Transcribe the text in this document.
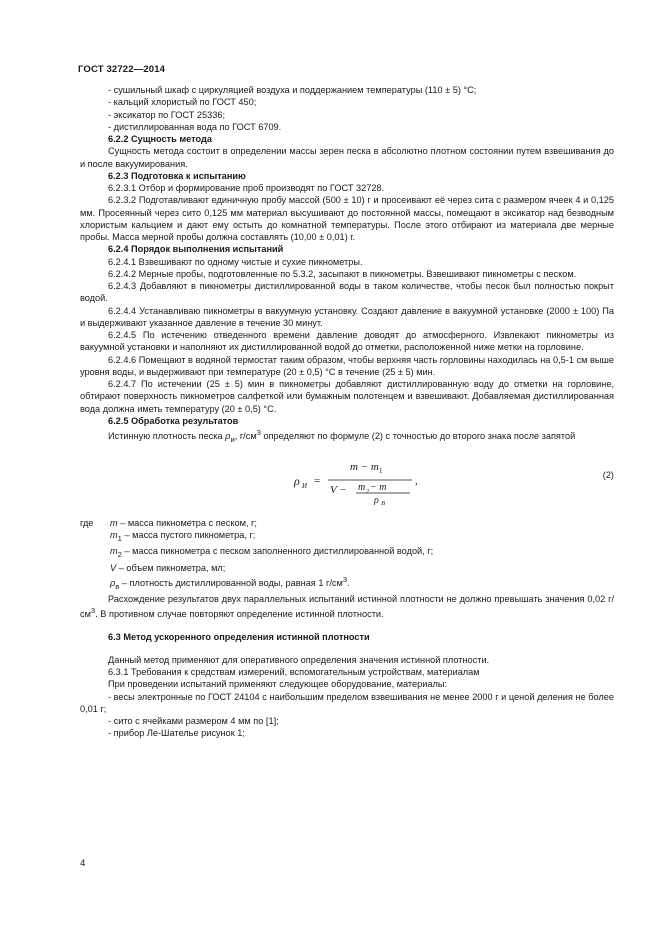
ГОСТ 32722—2014

- сушильный шкаф с циркуляцией воздуха и поддержанием температуры (110 ± 5) °С;

- кальций хлористый по ГОСТ 450;

- эксикатор по ГОСТ 25336;

- дистиллированная вода по ГОСТ 6709.

6.2.2 Сущность метода

Сущность метода состоит в определении массы зерен песка в абсолютно плотном состоянии путем взвешивания до и после вакуумирования.

6.2.3 Подготовка к испытанию

6.2.3.1 Отбор и формирование проб производят по ГОСТ 32728.

6.2.3.2 Подготавливают единичную пробу массой (500 ± 10) г и просеивают её через сита с размером ячеек 4 и 0,125 мм. Просеянный через сито 0,125 мм материал высушивают до постоянной массы, помещают в эксикатор над безводным хлористым кальцием и дают ему остыть до комнатной температуры. После этого отбирают из материала две мерные пробы. Масса мерной пробы должна составлять (10,00 ± 0,01) г.

6.2.4 Порядок выполнения испытаний

6.2.4.1 Взвешивают по одному чистые и сухие пикнометры.

6.2.4.2 Мерные пробы, подготовленные по 5.3.2, засыпают в пикнометры. Взвешивают пикнометры с песком.

6.2.4.3 Добавляют в пикнометры дистиллированной воды в таком количестве, чтобы песок был полностью покрыт водой.

6.2.4.4 Устанавливаю пикнометры в вакуумную установку. Создают давление в вакуумной установке (2000 ± 100) Па и выдерживают указанное давление в течение 30 минут.

6.2.4.5 По истечению отведенного времени давление доводят до атмосферного. Извлекают пикнометры из вакуумной установки и наполняют их дистиллированной водой до отметки, расположенной ниже метки на горловине.

6.2.4.6 Помещают в водяной термостат таким образом, чтобы верхняя часть горловины находилась на 0,5-1 см выше уровня воды, и выдерживают при температуре (20 ± 0,5) °С в течение (25 ± 5) мин.

6.2.4.7 По истечении (25 ± 5) мин в пикнометры добавляют дистиллированную воду до отметки на горловине, обтирают поверхность пикнометров салфеткой или бумажным полотенцем и взвешивают. Добавляемая дистиллированная вода должна иметь температуру (20 ± 0,5) °С.

6.2.5 Обработка результатов

Истинную плотность песка $\rho_и$, $г/см^3$ определяют по формуле (2) с точностью до второго знака после запятой

ρ И =
m − m 1
V − m 2 − m
ρ В
,	(2)
где	m – масса пикнометра с песком, г;
$m_1$ – масса пустого пикнометра, г;
$m_2$ – масса пикнометра с песком заполненного дистиллированной водой, г;
V – объем пикнометра, мл;
$\rho_в$ – плотность дистиллированной воды, равная 1 $г/см^3$.

Расхождение результатов двух параллельных испытаний истинной плотности не должно превышать значения 0,02 $г/см^3$. В противном случае повторяют определение истинной плотности.

6.3 Метод ускоренного определения истинной плотности

Данный метод применяют для оперативного определения значения истинной плотности.

6.3.1 Требования к средствам измерений, вспомогательным устройствам, материалам

При проведении испытаний применяют следующее оборудование, материалы:

- весы электронные по ГОСТ 24104 с наибольшим пределом взвешивания не менее 2000 г и ценой деления не более 0,01 г;

- сито с ячейками размером 4 мм по [1];

- прибор Ле-Шателье рисунок 1;

4
